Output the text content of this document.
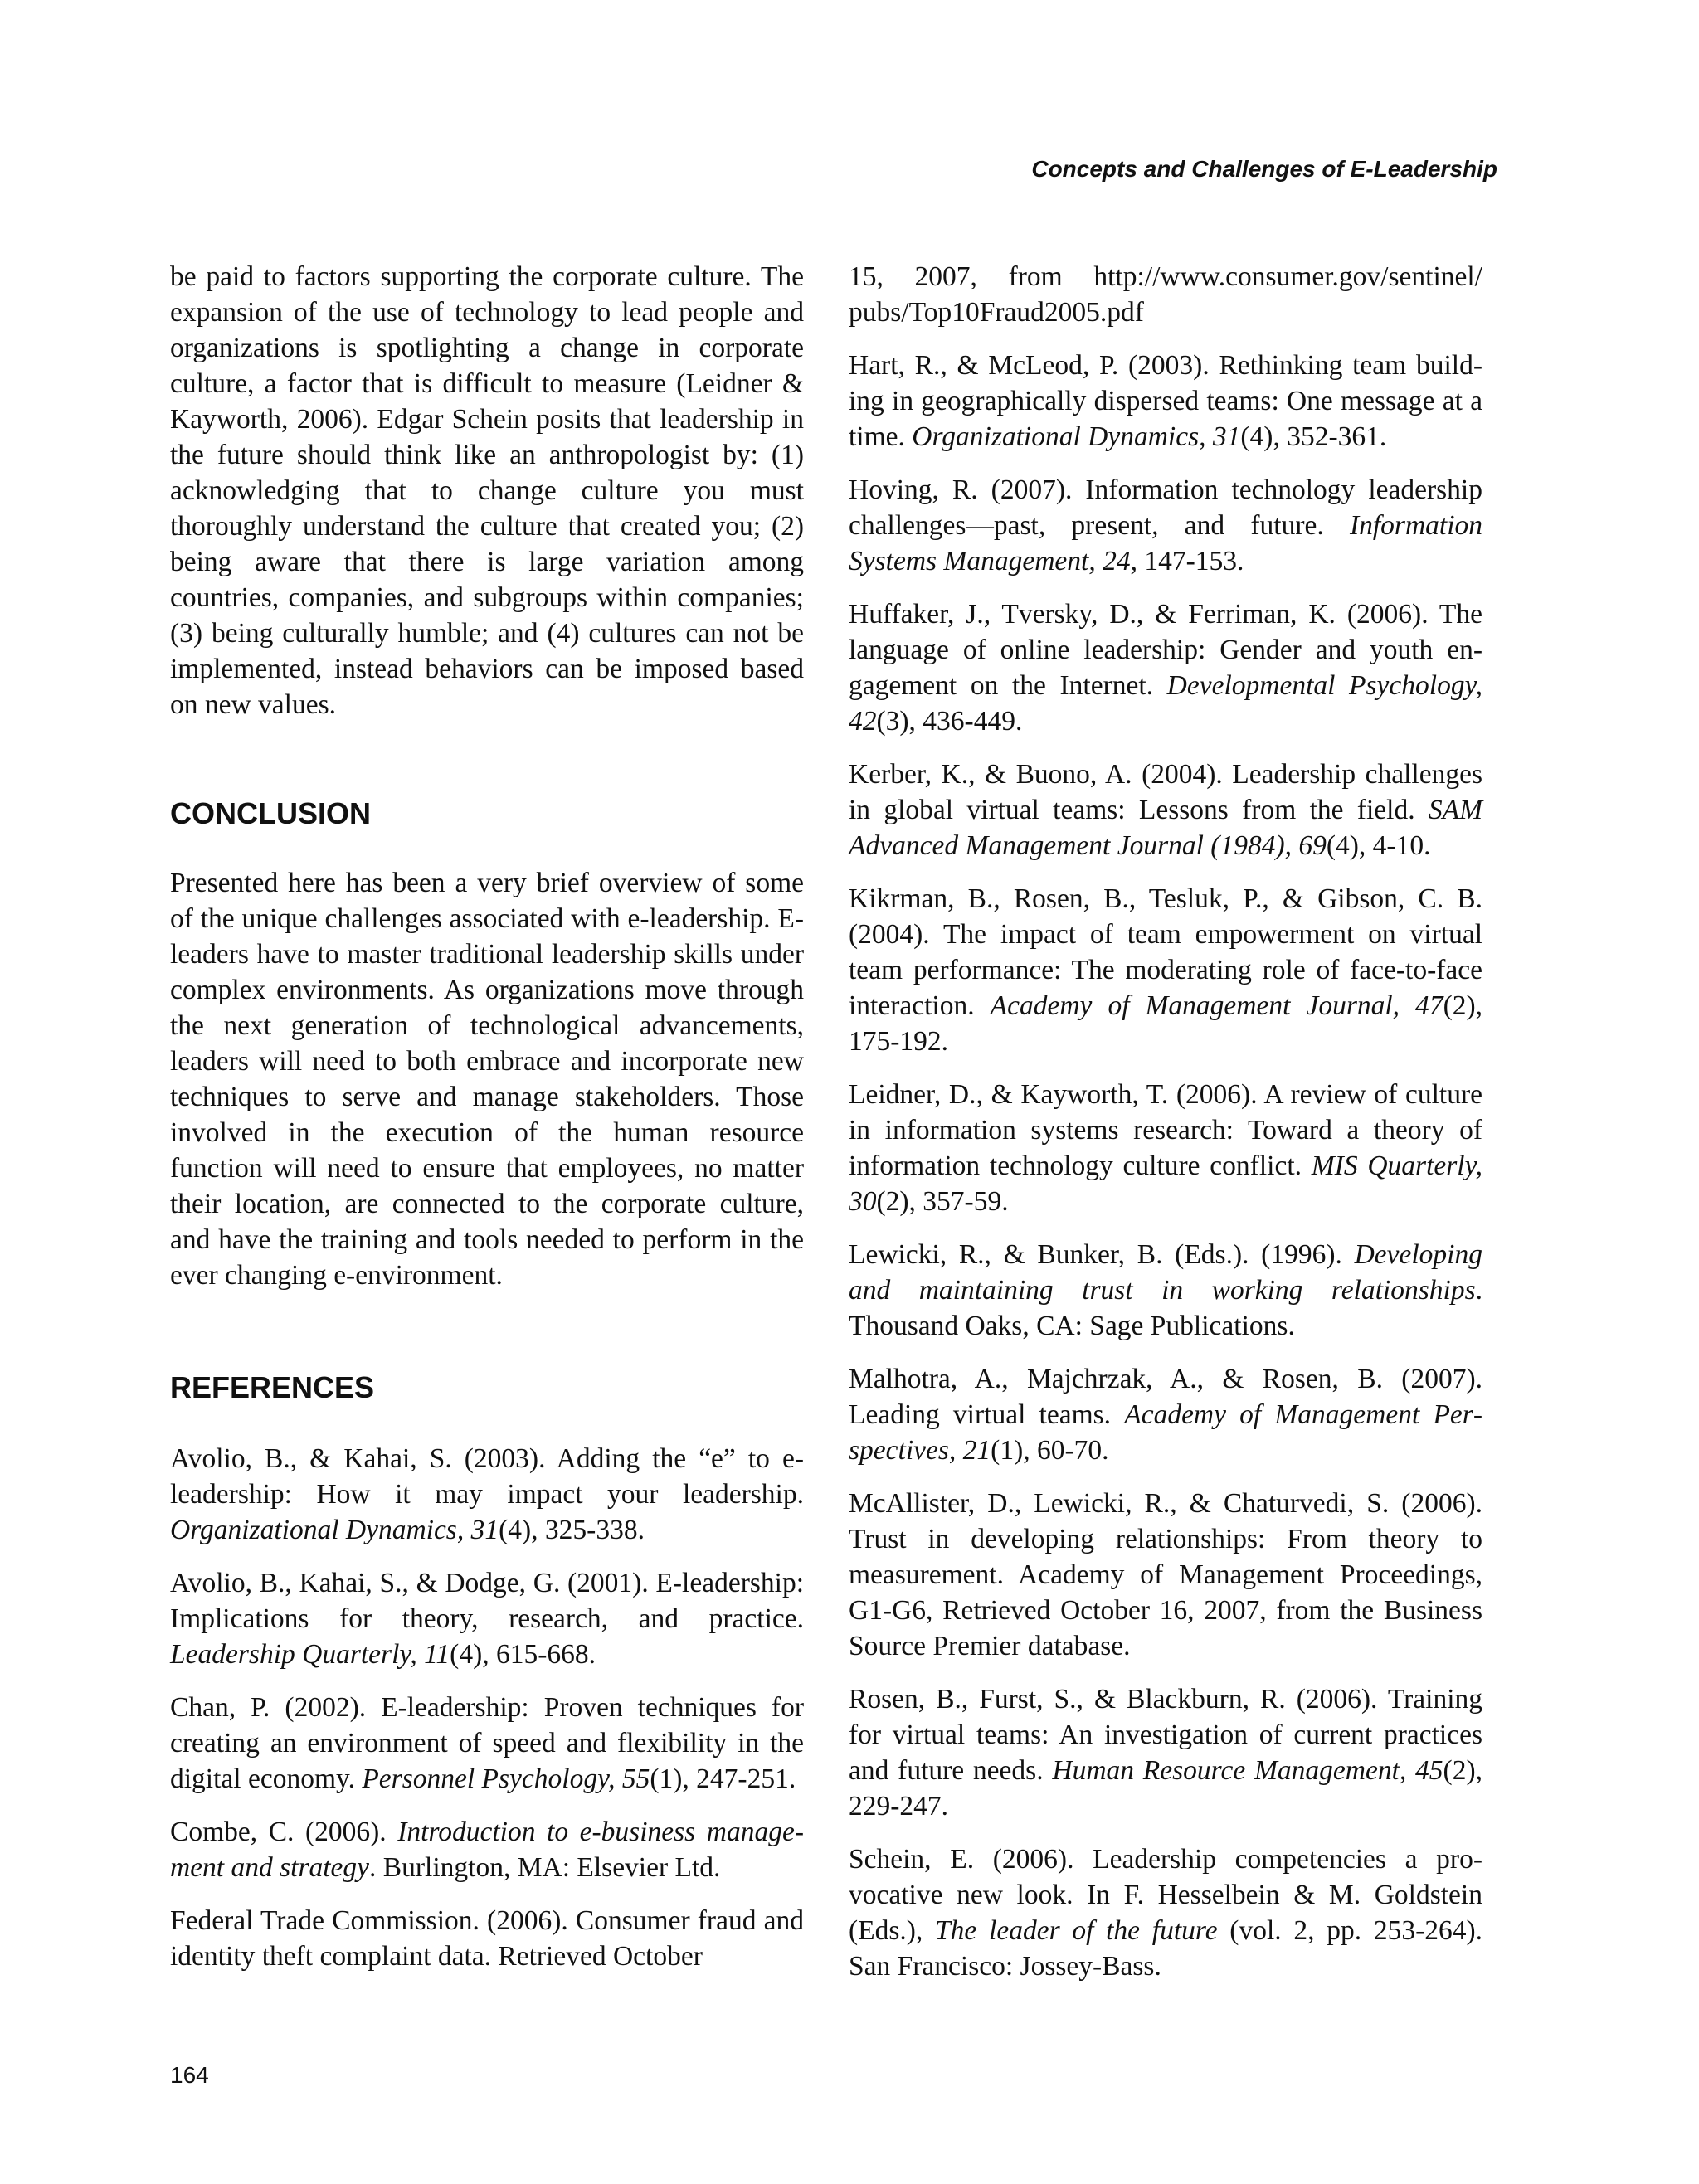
Concepts and Challenges of E-Leadership

be paid to factors supporting the corporate culture. The expansion of the use of technology to lead people and organizations is spotlighting a change in corporate culture, a factor that is difficult to measure (Leidner & Kayworth, 2006). Edgar Schein posits that leadership in the future should think like an anthropologist by: (1) acknowledging that to change culture you must thoroughly understand the culture that created you; (2) being aware that there is large variation among countries, companies, and subgroups within companies; (3) being culturally humble; and (4) cultures can not be implemented, instead behaviors can be imposed based on new values.

CONCLUSION

Presented here has been a very brief overview of some of the unique challenges associated with e-leadership. E-leaders have to master traditional leadership skills under complex environments. As organizations move through the next generation of technological advancements, leaders will need to both embrace and incorporate new techniques to serve and manage stakeholders. Those involved in the execution of the human resource function will need to ensure that employees, no matter their location, are connected to the corporate culture, and have the training and tools needed to perform in the ever changing e-environment.

REFERENCES

Avolio, B., & Kahai, S. (2003). Adding the “e” to e-leadership: How it may impact your leadership. Organizational Dynamics, 31(4), 325-338.

Avolio, B., Kahai, S., & Dodge, G. (2001). E-leadership: Implications for theory, research, and practice. Leadership Quarterly, 11(4), 615-668.

Chan, P. (2002). E-leadership: Proven techniques for creating an environment of speed and flexibility in the digital economy. Personnel Psychology, 55(1), 247-251.

Combe, C. (2006). Introduction to e-business management and strategy. Burlington, MA: Elsevier Ltd.

Federal Trade Commission. (2006). Consumer fraud and identity theft complaint data. Retrieved October

15, 2007, from http://www.consumer.gov/sentinel/ pubs/Top10Fraud2005.pdf

Hart, R., & McLeod, P. (2003). Rethinking team building in geographically dispersed teams: One message at a time. Organizational Dynamics, 31(4), 352-361.

Hoving, R. (2007). Information technology leadership challenges—past, present, and future. Information Systems Management, 24, 147-153.

Huffaker, J., Tversky, D., & Ferriman, K. (2006). The language of online leadership: Gender and youth engagement on the Internet. Developmental Psychology, 42(3), 436-449.

Kerber, K., & Buono, A. (2004). Leadership challenges in global virtual teams: Lessons from the field. SAM Advanced Management Journal (1984), 69(4), 4-10.

Kikrman, B., Rosen, B., Tesluk, P., & Gibson, C. B. (2004). The impact of team empowerment on virtual team performance: The moderating role of face-to-face interaction. Academy of Management Journal, 47(2), 175-192.

Leidner, D., & Kayworth, T. (2006). A review of culture in information systems research: Toward a theory of information technology culture conflict. MIS Quarterly, 30(2), 357-59.

Lewicki, R., & Bunker, B. (Eds.). (1996). Developing and maintaining trust in working relationships. Thousand Oaks, CA: Sage Publications.

Malhotra, A., Majchrzak, A., & Rosen, B. (2007). Leading virtual teams. Academy of Management Perspectives, 21(1), 60-70.

McAllister, D., Lewicki, R., & Chaturvedi, S. (2006). Trust in developing relationships: From theory to measurement. Academy of Management Proceedings, G1-G6, Retrieved October 16, 2007, from the Business Source Premier database.

Rosen, B., Furst, S., & Blackburn, R. (2006). Training for virtual teams: An investigation of current practices and future needs. Human Resource Management, 45(2), 229-247.

Schein, E. (2006). Leadership competencies a provocative new look. In F. Hesselbein & M. Goldstein (Eds.), The leader of the future (vol. 2, pp. 253-264). San Francisco: Jossey-Bass.

164
